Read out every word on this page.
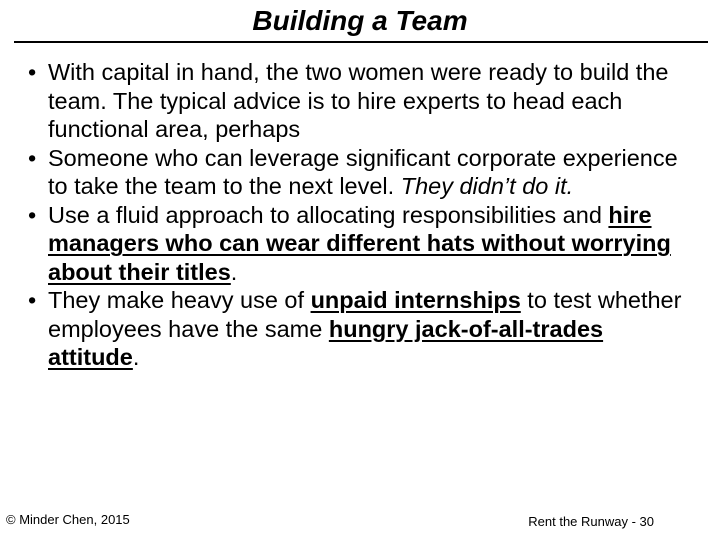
Building a Team
• With capital in hand, the two women were ready to build the team. The typical advice is to hire experts to head each functional area, perhaps
• Someone who can leverage significant corporate experience to take the team to the next level. They didn’t do it.
• Use a fluid approach to allocating responsibilities and hire managers who can wear different hats without worrying about their titles.
• They make heavy use of unpaid internships to test whether employees have the same hungry jack-of-all-trades attitude.
© Minder Chen, 2015	Rent the Runway - 30
